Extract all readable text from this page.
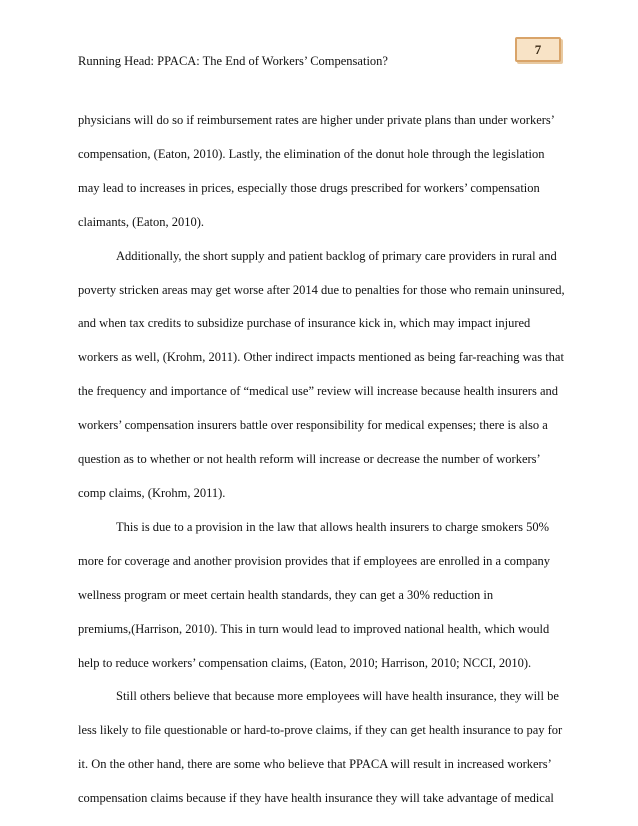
Running Head: PPACA: The End of Workers’ Compensation?
7

physicians will do so if reimbursement rates are higher under private plans than under workers’
compensation, (Eaton, 2010). Lastly, the elimination of the donut hole through the legislation
may lead to increases in prices, especially those drugs prescribed for workers’ compensation
claimants, (Eaton, 2010).

Additionally, the short supply and patient backlog of primary care providers in rural and
poverty stricken areas may get worse after 2014 due to penalties for those who remain uninsured,
and when tax credits to subsidize purchase of insurance kick in, which may impact injured
workers as well, (Krohm, 2011). Other indirect impacts mentioned as being far-reaching was that
the frequency and importance of “medical use” review will increase because health insurers and
workers’ compensation insurers battle over responsibility for medical expenses; there is also a
question as to whether or not health reform will increase or decrease the number of workers’
comp claims, (Krohm, 2011).

This is due to a provision in the law that allows health insurers to charge smokers 50%
more for coverage and another provision provides that if employees are enrolled in a company
wellness program or meet certain health standards, they can get a 30% reduction in
premiums,(Harrison, 2010). This in turn would lead to improved national health, which would
help to reduce workers’ compensation claims, (Eaton, 2010; Harrison, 2010; NCCI, 2010).

Still others believe that because more employees will have health insurance, they will be
less likely to file questionable or hard-to-prove claims, if they can get health insurance to pay for
it. On the other hand, there are some who believe that PPACA will result in increased workers’
compensation claims because if they have health insurance they will take advantage of medical
